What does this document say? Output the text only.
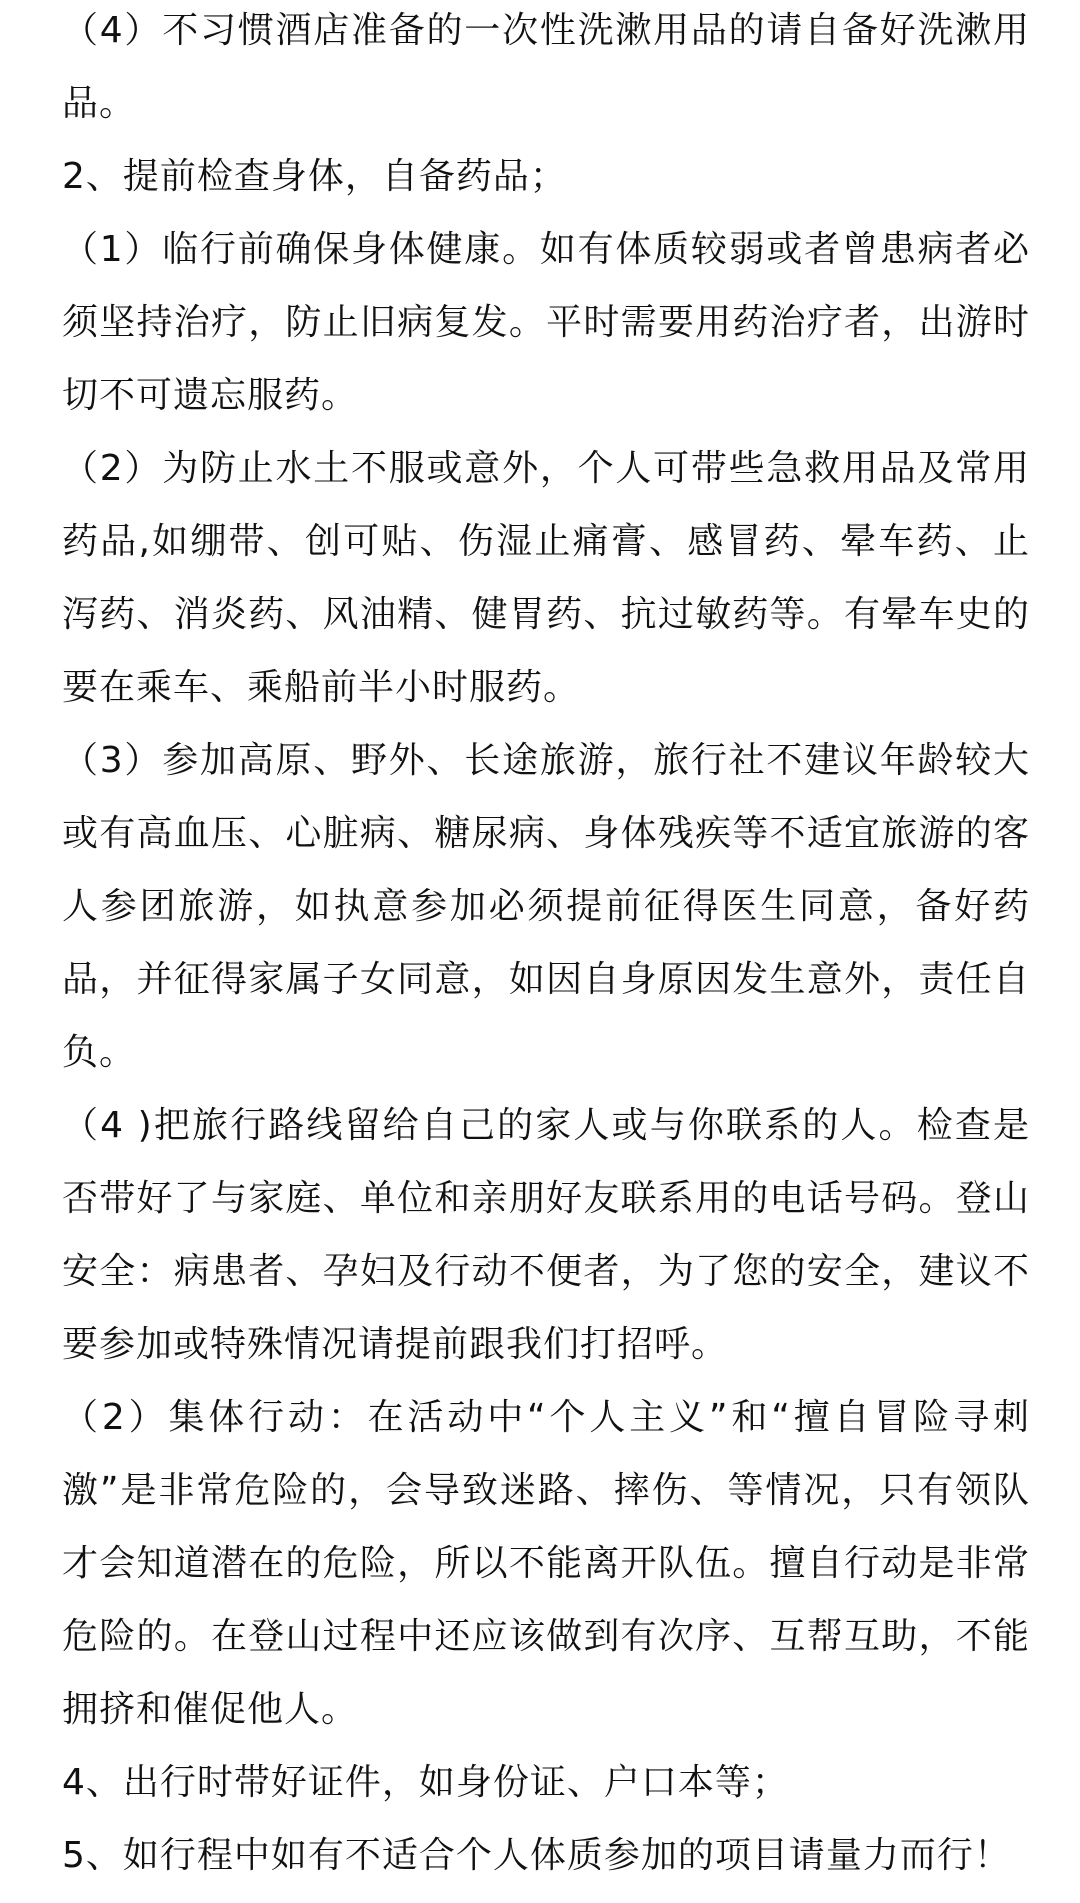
（4）不习惯酒店准备的一次性洗漱用品的请自备好洗漱用品。

2、提前检查身体，自备药品；

（1）临行前确保身体健康。如有体质较弱或者曾患病者必须坚持治疗，防止旧病复发。平时需要用药治疗者，出游时切不可遗忘服药。

（2）为防止水土不服或意外，个人可带些急救用品及常用药品,如绷带、创可贴、伤湿止痛膏、感冒药、晕车药、止泻药、消炎药、风油精、健胃药、抗过敏药等。有晕车史的要在乘车、乘船前半小时服药。

（3）参加高原、野外、长途旅游，旅行社不建议年龄较大或有高血压、心脏病、糖尿病、身体残疾等不适宜旅游的客人参团旅游，如执意参加必须提前征得医生同意，备好药品，并征得家属子女同意，如因自身原因发生意外，责任自负。

（4 )把旅行路线留给自己的家人或与你联系的人。检查是否带好了与家庭、单位和亲朋好友联系用的电话号码。登山安全：病患者、孕妇及行动不便者，为了您的安全，建议不要参加或特殊情况请提前跟我们打招呼。

（2）集体行动：在活动中“个人主义”和“擅自冒险寻刺激”是非常危险的，会导致迷路、摔伤、等情况，只有领队才会知道潜在的危险，所以不能离开队伍。擅自行动是非常危险的。在登山过程中还应该做到有次序、互帮互助，不能拥挤和催促他人。

4、出行时带好证件，如身份证、户口本等；

5、如行程中如有不适合个人体质参加的项目请量力而行！
